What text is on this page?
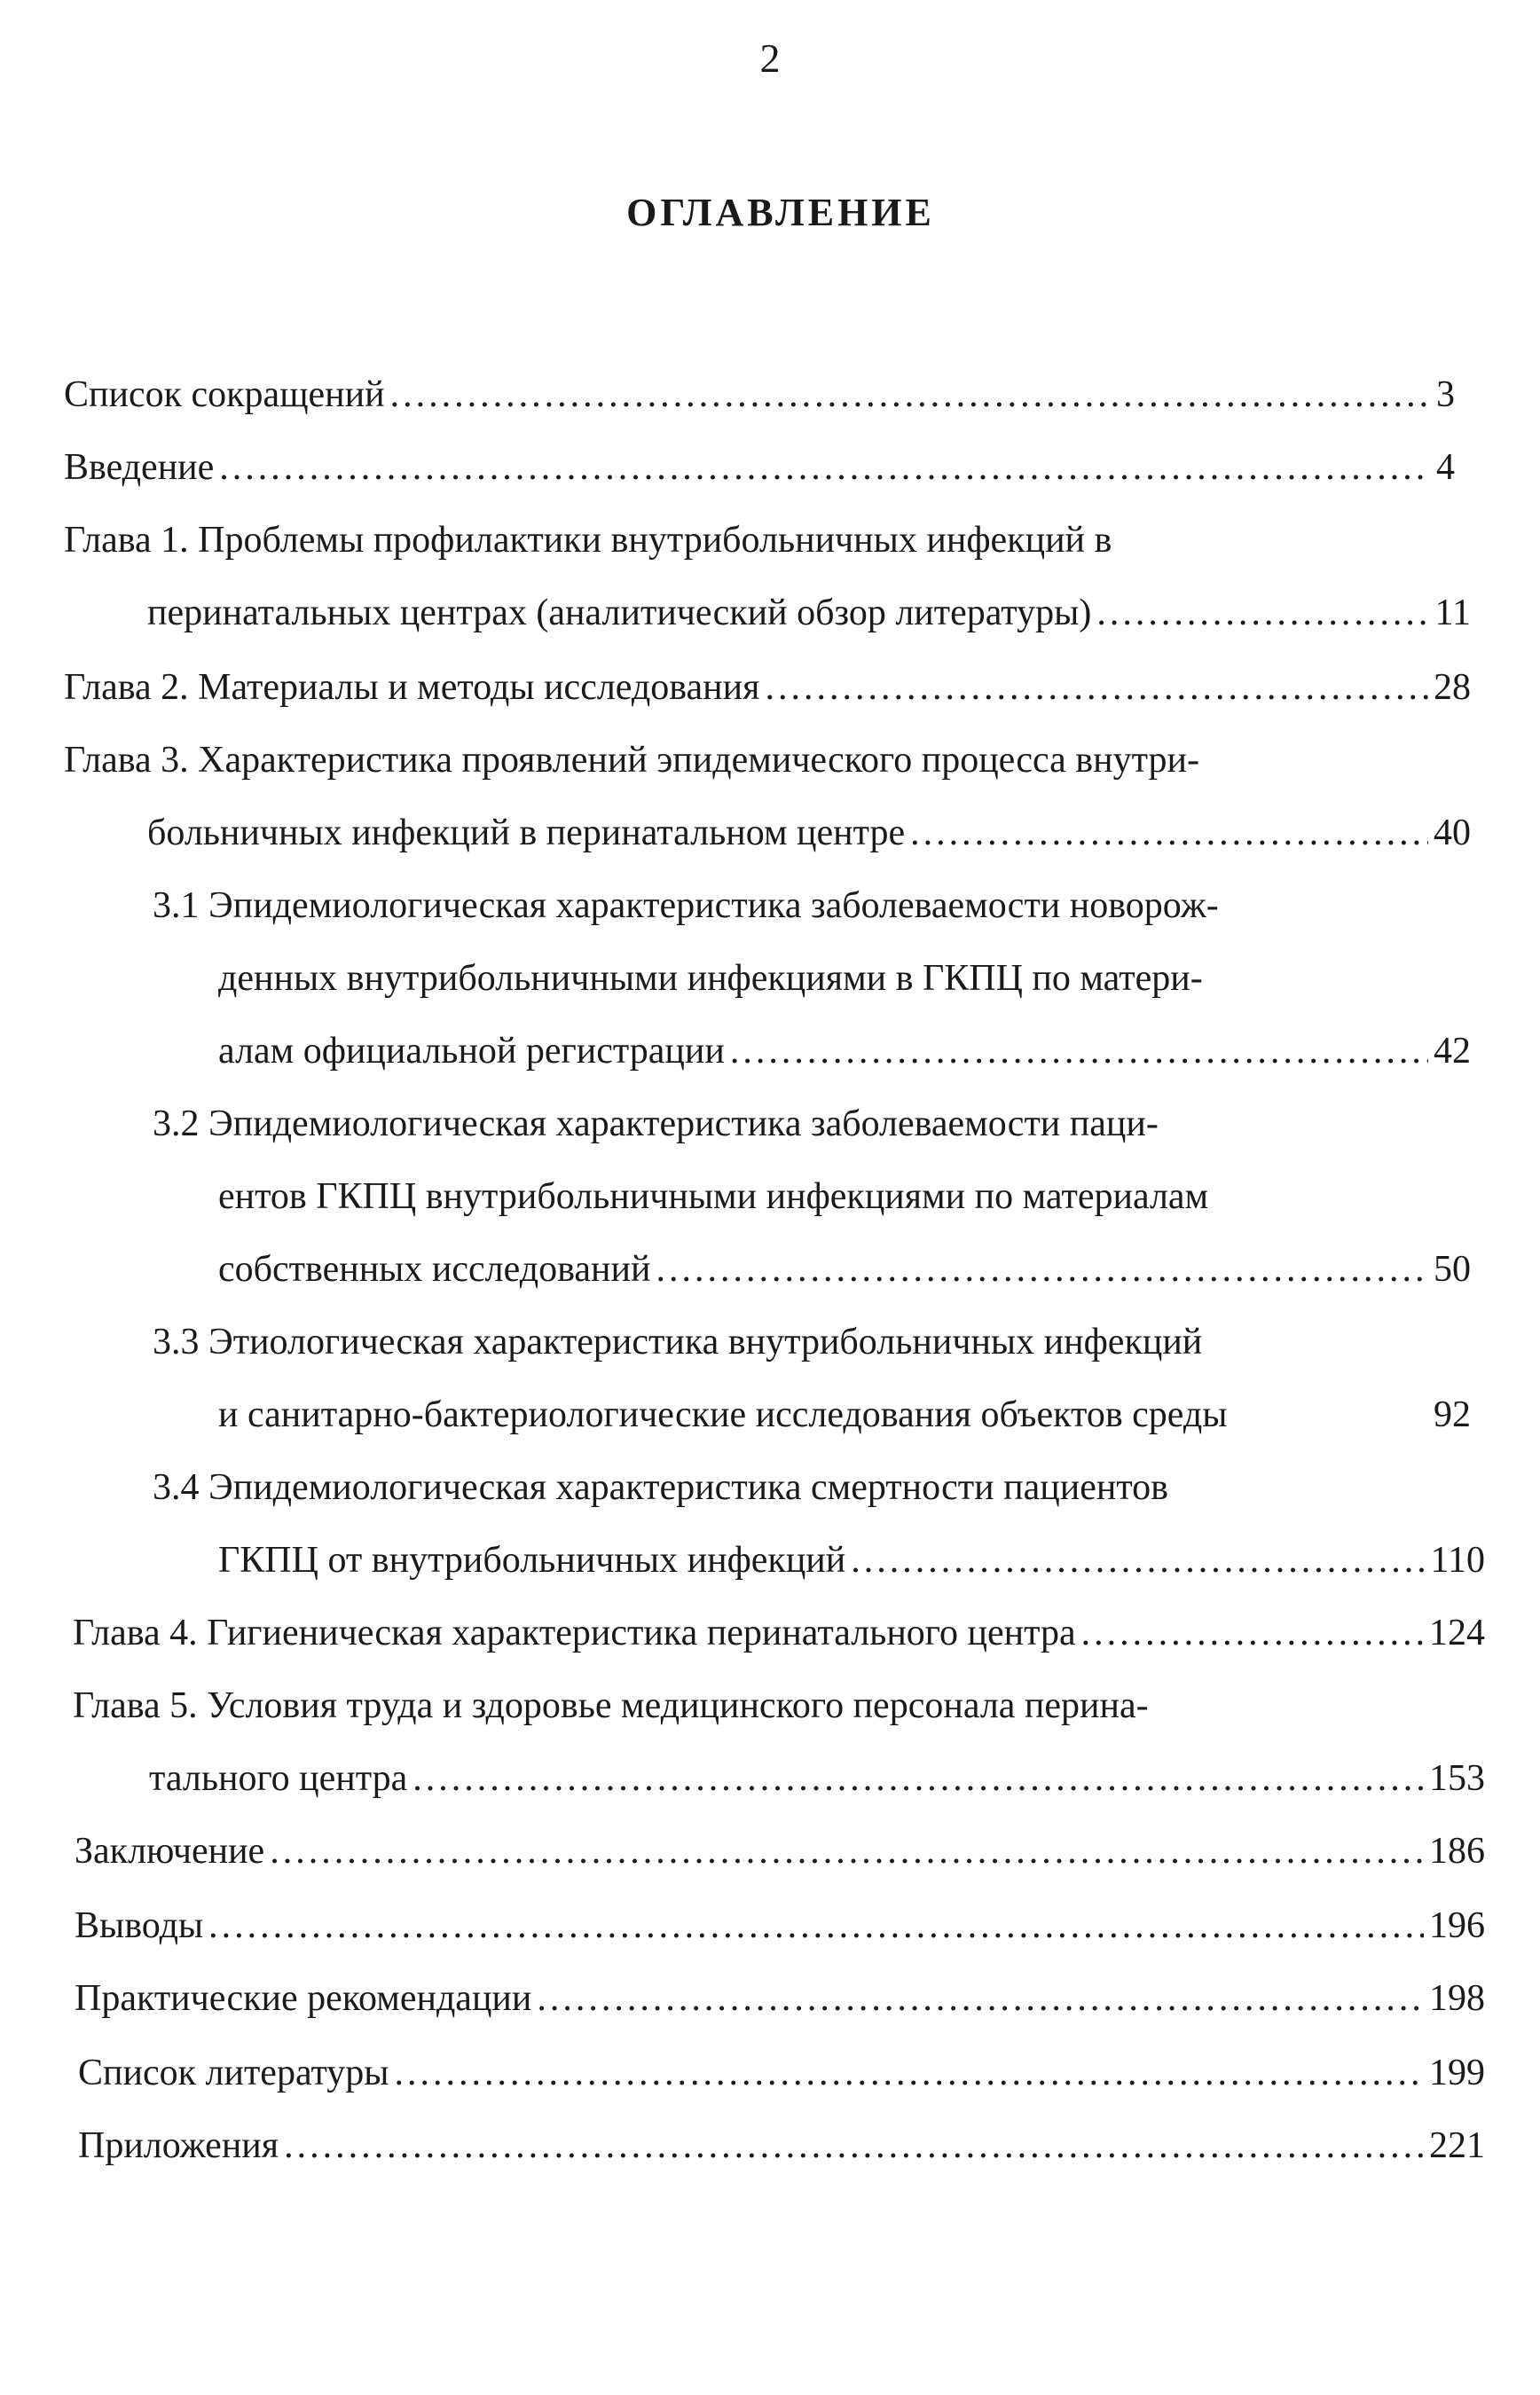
2
ОГЛАВЛЕНИЕ
Список сокращений .....	3
Введение .....	4
Глава 1. Проблемы профилактики внутрибольничных инфекций в
перинатальных центрах (аналитический обзор литературы) .....	11
Глава 2. Материалы и методы исследования .....	28
Глава 3. Характеристика проявлений эпидемического процесса внутри-
больничных инфекций в перинатальном центре .....	40
3.1 Эпидемиологическая характеристика заболеваемости новорож-
денных внутрибольничными инфекциями в ГКПЦ по матери-
алам официальной регистрации .....	42
3.2 Эпидемиологическая характеристика заболеваемости паци-
ентов ГКПЦ внутрибольничными инфекциями по материалам
собственных исследований .....	50
3.3 Этиологическая характеристика внутрибольничных инфекций
и санитарно-бактериологические исследования объектов среды	92
3.4 Эпидемиологическая характеристика смертности пациентов
ГКПЦ от внутрибольничных инфекций .....	110
Глава 4. Гигиеническая характеристика перинатального центра .....	124
Глава 5. Условия труда и здоровье медицинского персонала перина-
тального центра .....	153
Заключение .....	186
Выводы .....	196
Практические рекомендации .....	198
Список литературы .....	199
Приложения .....	221
